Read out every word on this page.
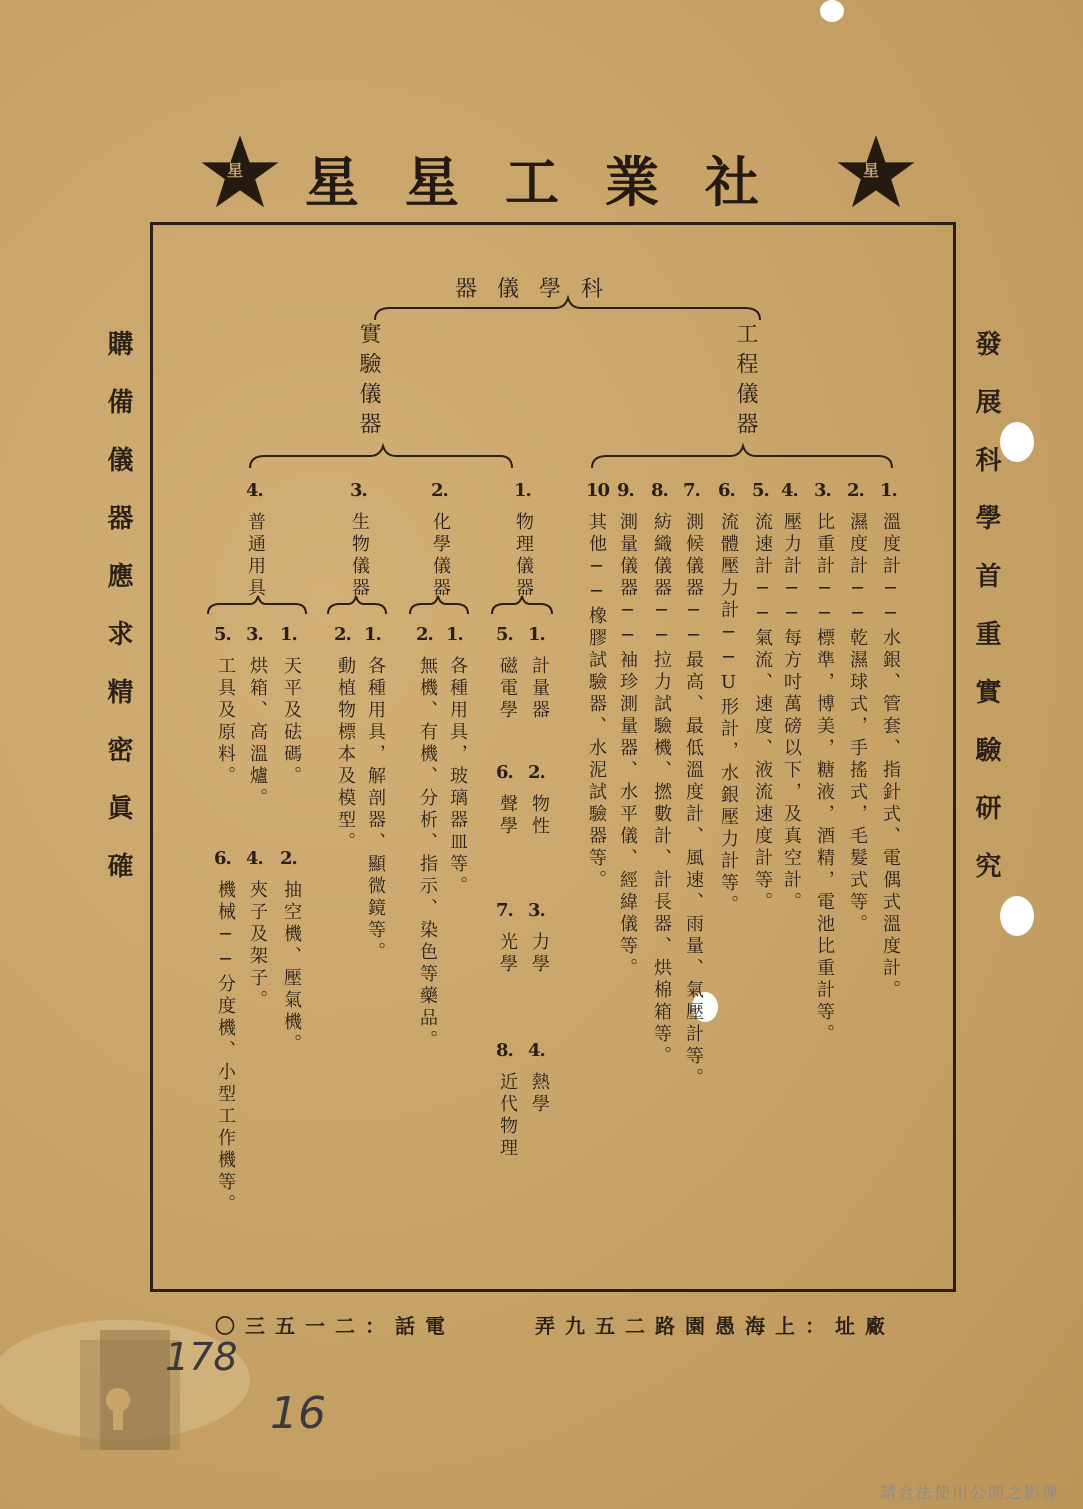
星 星星工業社	星
購備儀器應求精密眞確	發展科學首重實驗研究
科學儀器
實驗儀器	工程儀器
4.
普通用具
3.
生物儀器
2.
化學儀器
1.
物理儀器
1.
溫度計──水銀、管套、指針式、電偶式溫度計。
2.
濕度計──乾濕球式，手搖式，毛髮式等。
3.
比重計──標準，博美，糖液，酒精，電池比重計等。
4.
壓力計──每方吋萬磅以下，及真空計。
5.
流速計──氣流、速度、液流速度計等。
6.
流體壓力計──U形計，水銀壓力計等。
7.
測候儀器──最高、最低溫度計、風速、雨量、氣壓計等。
8.
紡織儀器──拉力試驗機、撚數計、計長器、烘棉箱等。
9.
測量儀器──袖珍測量器、水平儀、經緯儀等。
10
其他──橡膠試驗器、水泥試驗器等。
1.
計量器
2.
物性
3.
力學
4.
熱學
5.
磁電學
6.
聲學
7.
光學
8.
近代物理
1.
各種用具，玻璃器皿等。
2.
無機、有機、分析、指示、染色等藥品。
1.
各種用具，解剖器、顯微鏡等。
2.
動植物標本及模型。
1.
天平及砝碼。
2.
抽空機、壓氣機。
3.
烘箱、高溫爐。
4.
夾子及架子。
5.
工具及原料。
6.
機械──分度機、小型工作機等。
電話：二一五三〇	廠址：上海愚園路二五九弄
178
16
請合法使用公開之影像
